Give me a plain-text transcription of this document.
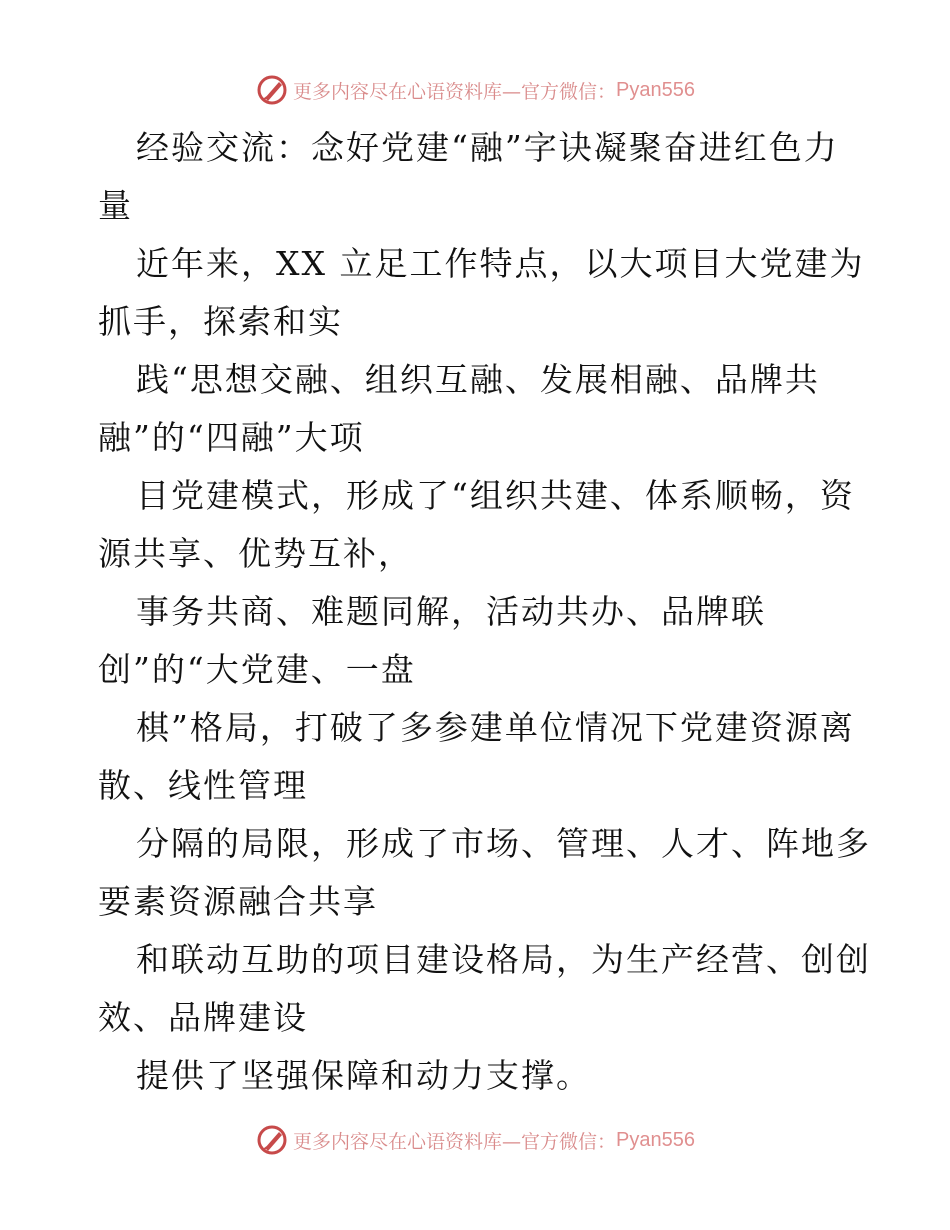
更多内容尽在心语资料库—官方微信： Pyan556
经验交流：念好党建“融”字诀凝聚奋进红色力
量
近年来，XX 立足工作特点，以大项目大党建为
抓手，探索和实
践“思想交融、组织互融、发展相融、品牌共
融”的“四融”大项
目党建模式，形成了“组织共建、体系顺畅，资
源共享、优势互补，
事务共商、难题同解，活动共办、品牌联
创”的“大党建、一盘
棋”格局，打破了多参建单位情况下党建资源离
散、线性管理
分隔的局限，形成了市场、管理、人才、阵地多
要素资源融合共享
和联动互助的项目建设格局，为生产经营、创创
效、品牌建设
提供了坚强保障和动力支撑。
更多内容尽在心语资料库—官方微信： Pyan556
